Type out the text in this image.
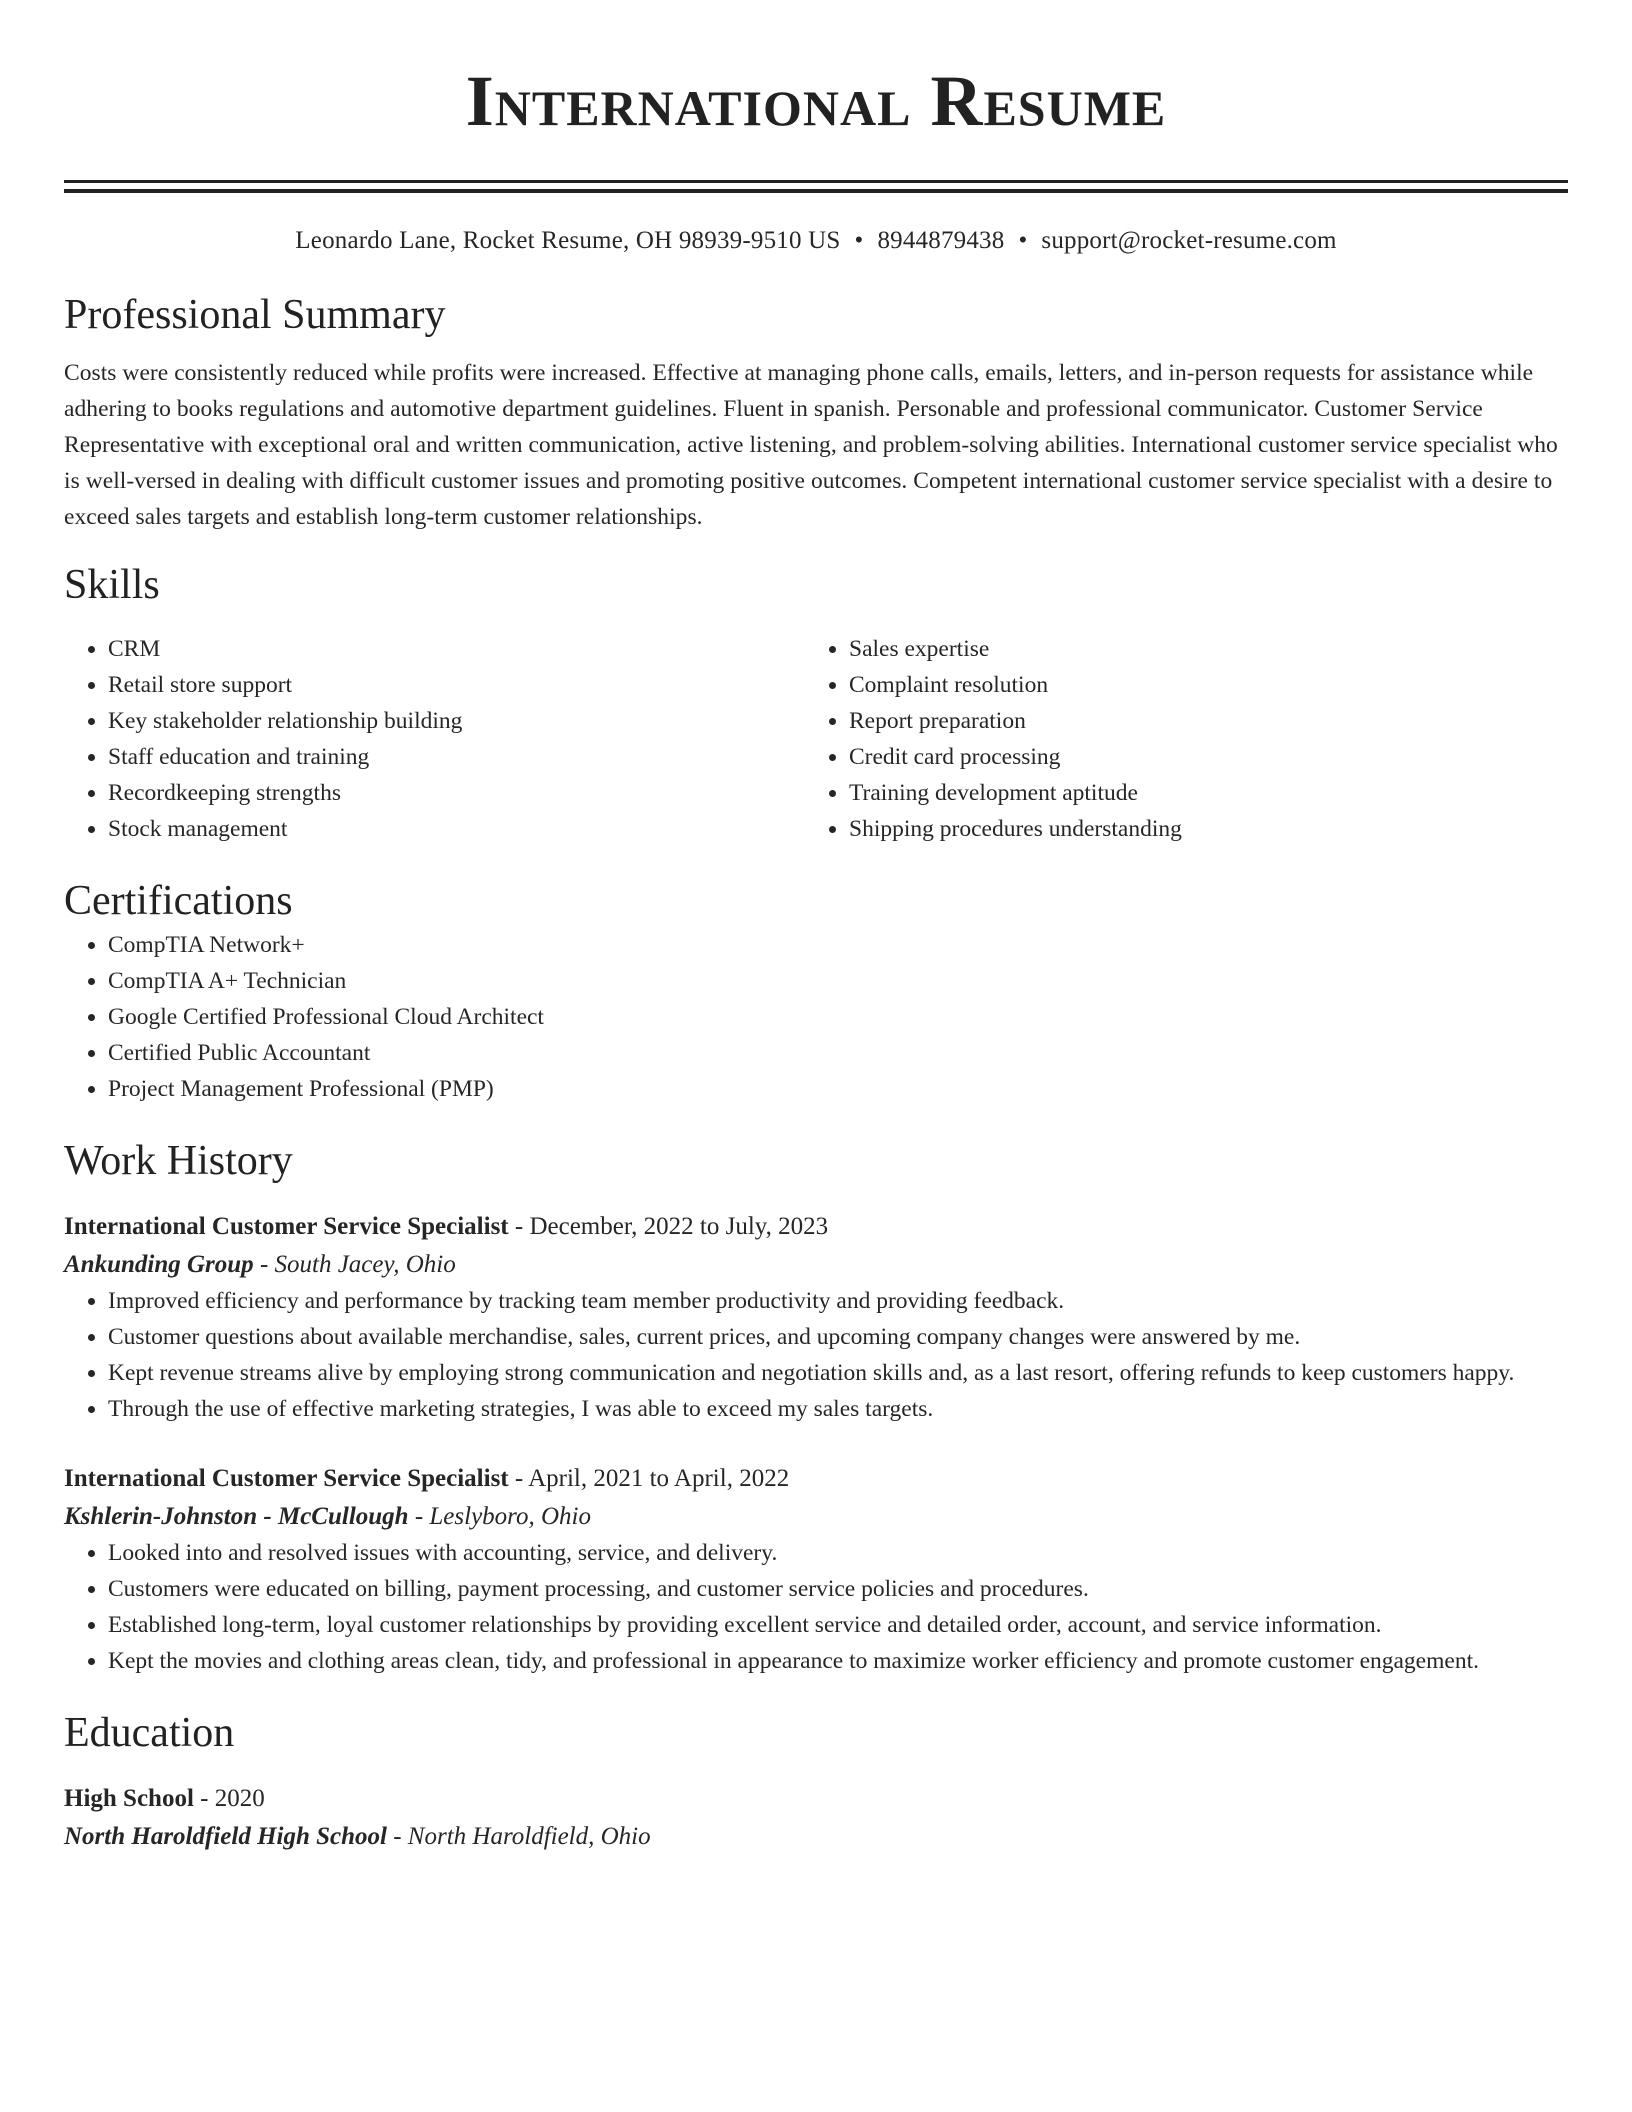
International Resume
Leonardo Lane, Rocket Resume, OH 98939-9510 US • 8944879438 • support@rocket-resume.com
Professional Summary
Costs were consistently reduced while profits were increased. Effective at managing phone calls, emails, letters, and in-person requests for assistance while adhering to books regulations and automotive department guidelines. Fluent in spanish. Personable and professional communicator. Customer Service Representative with exceptional oral and written communication, active listening, and problem-solving abilities. International customer service specialist who is well-versed in dealing with difficult customer issues and promoting positive outcomes. Competent international customer service specialist with a desire to exceed sales targets and establish long-term customer relationships.
Skills
• CRM
• Retail store support
• Key stakeholder relationship building
• Staff education and training
• Recordkeeping strengths
• Stock management
• Sales expertise
• Complaint resolution
• Report preparation
• Credit card processing
• Training development aptitude
• Shipping procedures understanding
Certifications
• CompTIA Network+
• CompTIA A+ Technician
• Google Certified Professional Cloud Architect
• Certified Public Accountant
• Project Management Professional (PMP)
Work History
International Customer Service Specialist - December, 2022 to July, 2023
Ankunding Group - South Jacey, Ohio
• Improved efficiency and performance by tracking team member productivity and providing feedback.
• Customer questions about available merchandise, sales, current prices, and upcoming company changes were answered by me.
• Kept revenue streams alive by employing strong communication and negotiation skills and, as a last resort, offering refunds to keep customers happy.
• Through the use of effective marketing strategies, I was able to exceed my sales targets.
International Customer Service Specialist - April, 2021 to April, 2022
Kshlerin-Johnston - McCullough - Leslyboro, Ohio
• Looked into and resolved issues with accounting, service, and delivery.
• Customers were educated on billing, payment processing, and customer service policies and procedures.
• Established long-term, loyal customer relationships by providing excellent service and detailed order, account, and service information.
• Kept the movies and clothing areas clean, tidy, and professional in appearance to maximize worker efficiency and promote customer engagement.
Education
High School - 2020
North Haroldfield High School - North Haroldfield, Ohio
